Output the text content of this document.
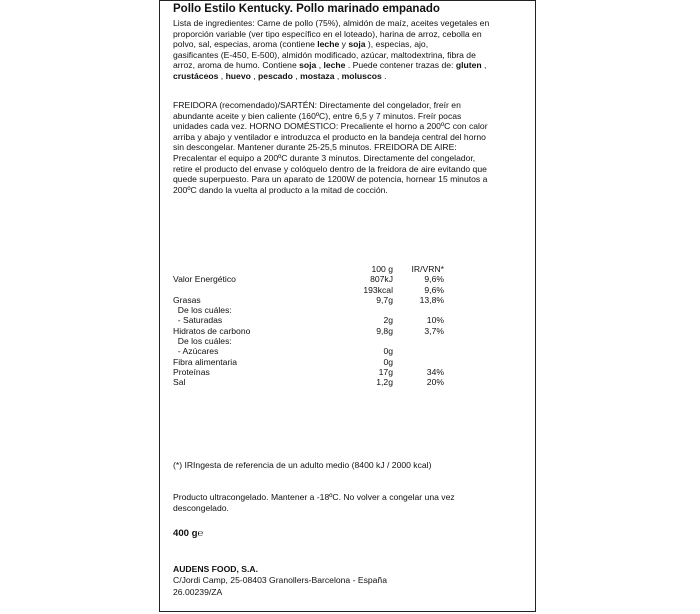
Pollo Estilo Kentucky. Pollo marinado empanado
Lista de ingredientes: Carne de pollo (75%), almidón de maíz, aceites vegetales en
proporción variable (ver tipo específico en el loteado), harina de arroz, cebolla en
polvo, sal, especias, aroma (contiene leche y soja ), especias, ajo,
gasificantes (E-450, E-500), almidón modificado, azúcar, maltodextrina, fibra de
arroz, aroma de humo. Contiene soja , leche . Puede contener trazas de: gluten ,
crustáceos , huevo , pescado , mostaza , moluscos .
FREIDORA (recomendado)/SARTÉN: Directamente del congelador, freír en
abundante aceite y bien caliente (160ºC), entre 6,5 y 7 minutos. Freír pocas
unidades cada vez. HORNO DOMÉSTICO: Precaliente el horno a 200ºC con calor
arriba y abajo y ventilador e introduzca el producto en la bandeja central del horno
sin descongelar. Mantener durante 25-25,5 minutos. FREIDORA DE AIRE:
Precalentar el equipo a 200ºC durante 3 minutos. Directamente del congelador,
retire el producto del envase y colóquelo dentro de la freidora de aire evitando que
quede superpuesto. Para un aparato de 1200W de potencia, hornear 15 minutos a
200ºC dando la vuelta al producto a la mitad de cocción.
100 g IR/VRN*
Valor Energético	807kJ	9,6%
193kcal	9,6%
Grasas	9,7g	13,8%
De los cuáles:
- Saturadas	2g	10%
Hidratos de carbono	9,8g	3,7%
De los cuáles:
- Azúcares	0g
Fibra alimentaria	0g
Proteínas	17g	34%
Sal	1,2g	20%
(*) IRIngesta de referencia de un adulto medio (8400 kJ / 2000 kcal)
Producto ultracongelado. Mantener a -18ºC. No volver a congelar una vez
descongelado.
400 g℮
AUDENS FOOD, S.A.
C/Jordi Camp, 25-08403 Granollers-Barcelona - España
26.00239/ZA
